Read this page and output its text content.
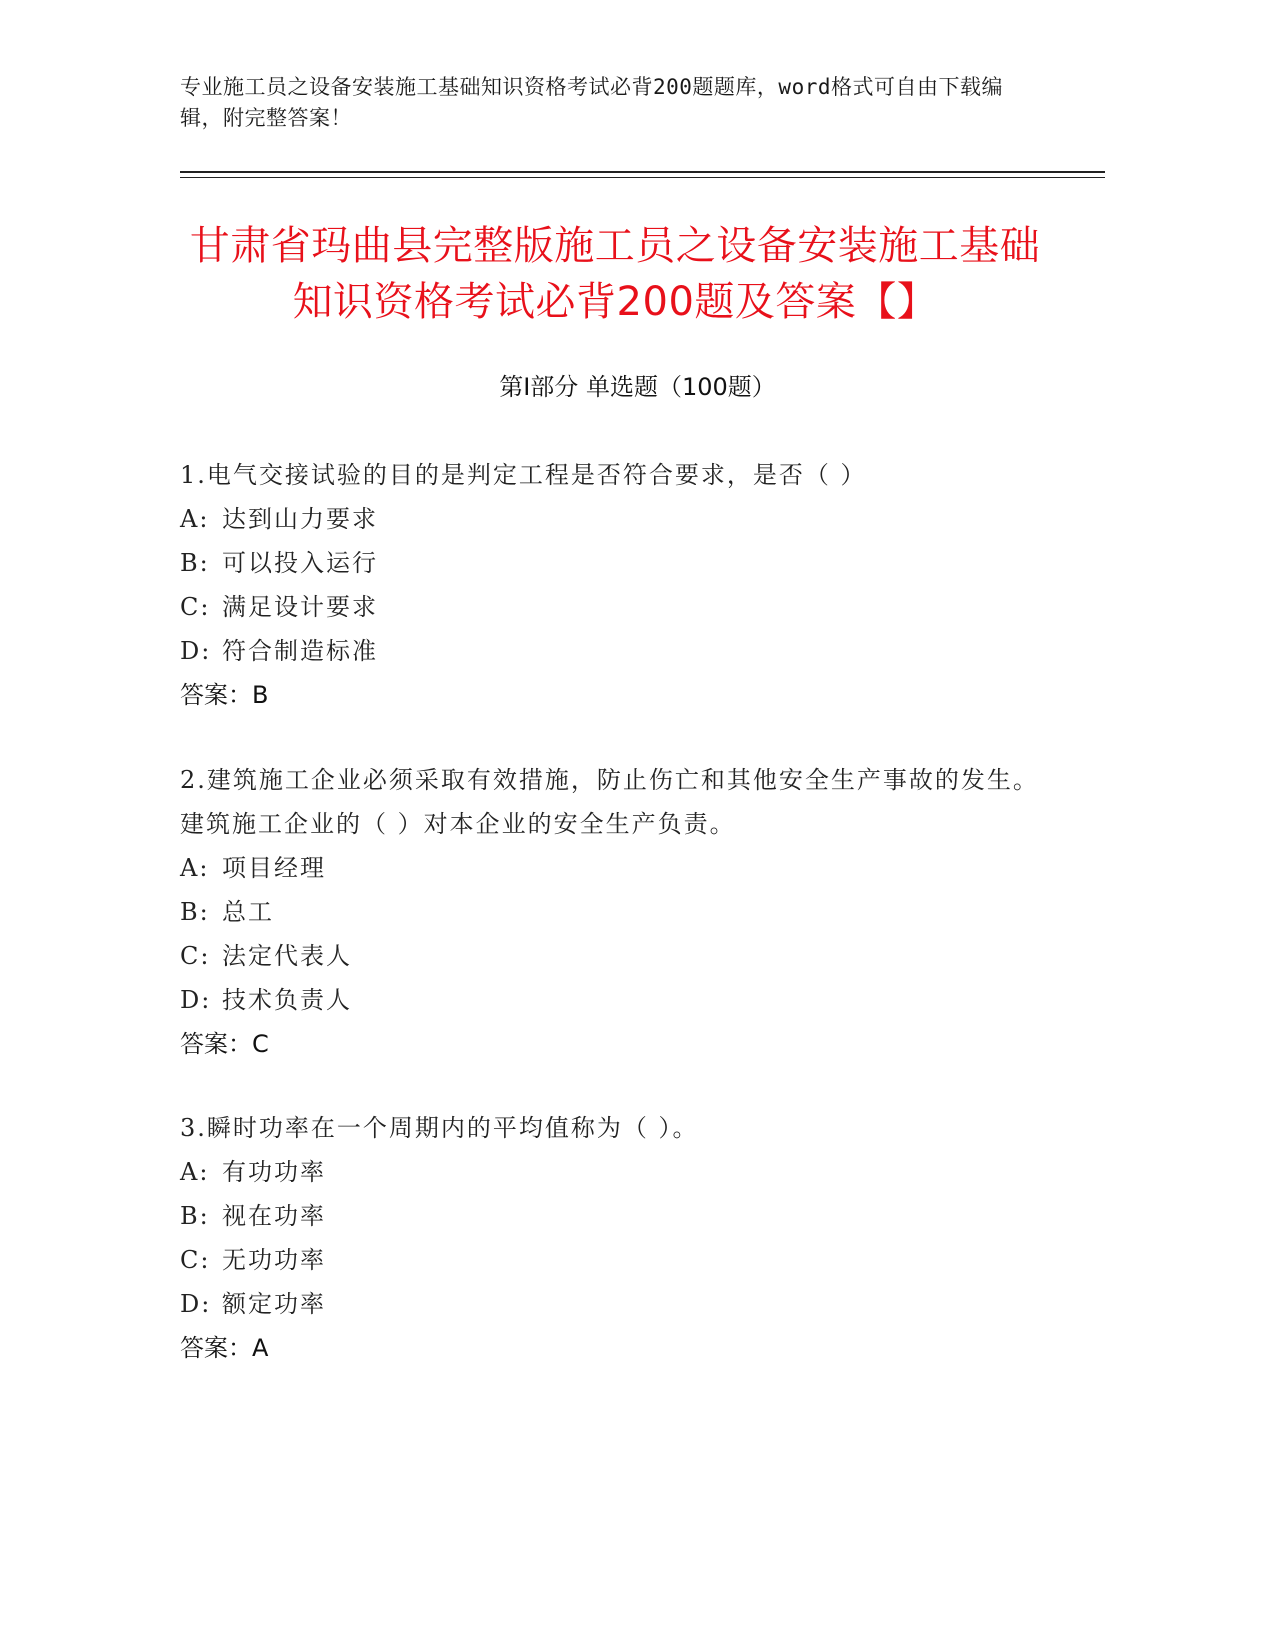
专业施工员之设备安装施工基础知识资格考试必背200题题库，word格式可自由下载编辑，附完整答案！
甘肃省玛曲县完整版施工员之设备安装施工基础知识资格考试必背200题及答案【】
第Ⅰ部分 单选题（100题）
1.电气交接试验的目的是判定工程是否符合要求，是否（ ）
A: 达到山力要求
B: 可以投入运行
C: 满足设计要求
D: 符合制造标准
答案：B
2.建筑施工企业必须采取有效措施，防止伤亡和其他安全生产事故的发生。建筑施工企业的（ ）对本企业的安全生产负责。
A: 项目经理
B: 总工
C: 法定代表人
D: 技术负责人
答案：C
3.瞬时功率在一个周期内的平均值称为（ ）。
A: 有功功率
B: 视在功率
C: 无功功率
D: 额定功率
答案：A
